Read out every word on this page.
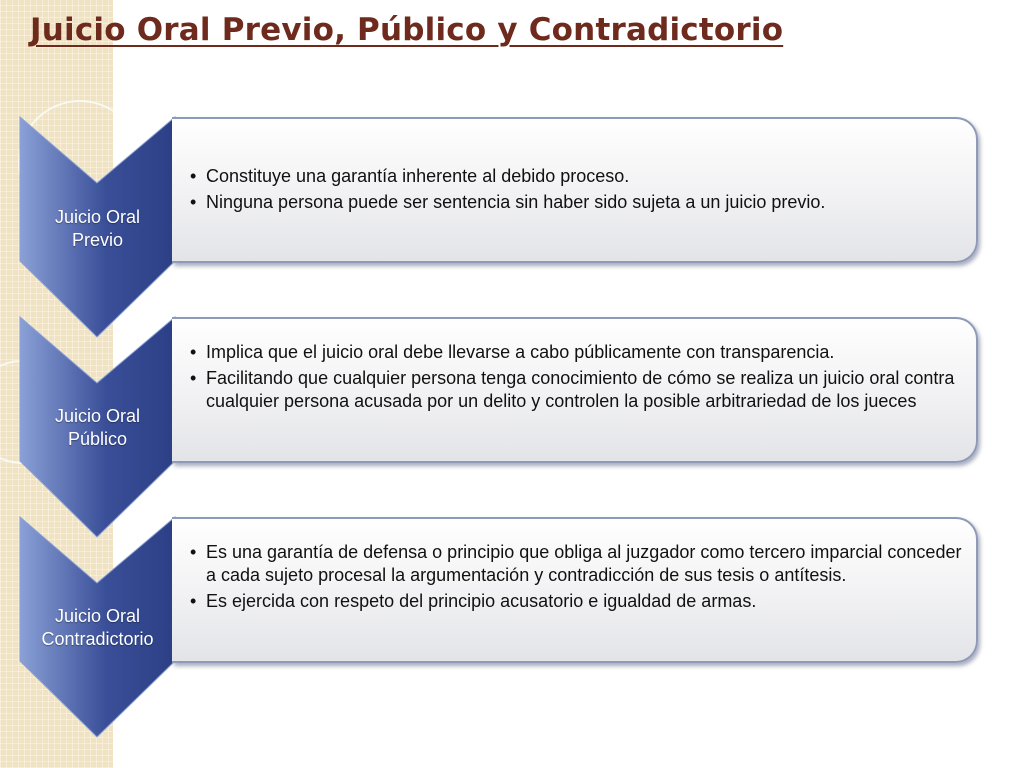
Juicio Oral Previo, Público y Contradictorio
Juicio Oral
Previo
• Constituye una garantía inherente al debido proceso.
• Ninguna persona puede ser sentencia sin haber sido sujeta a un juicio previo.
Juicio Oral
Público
• Implica que el juicio oral debe llevarse a cabo públicamente con transparencia.
• Facilitando que cualquier persona tenga conocimiento de cómo se realiza un juicio oral contra cualquier persona acusada por un delito y controlen la posible arbitrariedad de los jueces
Juicio Oral
Contradictorio
• Es una garantía de defensa o principio que obliga al juzgador como tercero imparcial conceder a cada sujeto procesal la argumentación y contradicción de sus tesis o antítesis.
• Es ejercida con respeto del principio acusatorio e igualdad de armas.
